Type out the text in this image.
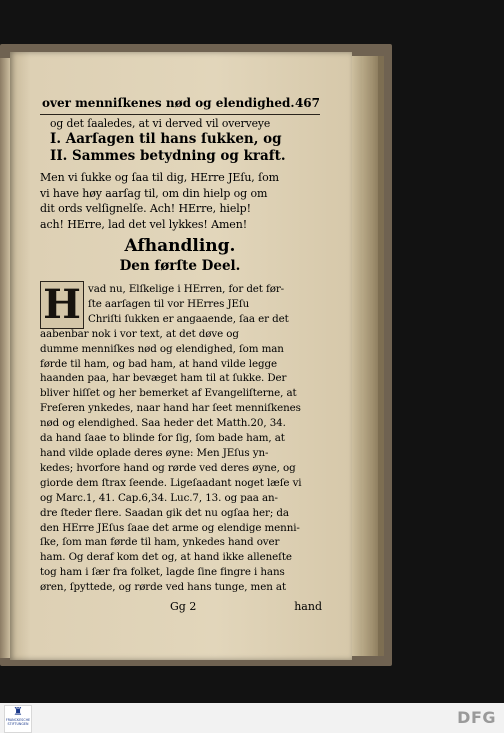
over menniſkenes nød og elendighed. 467
og det ſaaledes, at vi derved vil overveye
I. Aarſagen til hans ſukken, og
II. Sammes betydning og kraft.
Men vi ſukke og ſaa til dig, HErre JEſu, ſom
vi have høy aarſag til, om din hielp og om
dit ords velſignelſe. Ach! HErre, hielp!
ach! HErre, lad det vel lykkes! Amen!
Afhandling.
Den førſte Deel.
H vad nu, Elſkelige i HErren, for det før-
ſte aarſagen til vor HErres JEſu
Chriſti ſukken er angaaende, ſaa er det
aabenbar nok i vor text, at det døve og
dumme menniſkes nød og elendighed, ſom man
førde til ham, og bad ham, at hand vilde legge
haanden paa, har bevæget ham til at ſukke. Der
bliver hiſſet og her bemerket af Evangeliſterne, at
Freſeren ynkedes, naar hand har ſeet menniſkenes
nød og elendighed. Saa heder det Matth.20, 34.
da hand ſaae to blinde for ſig, ſom bade ham, at
hand vilde oplade deres øyne: Men JEſus yn-
kedes; hvorfore hand og rørde ved deres øyne, og
giorde dem ſtrax ſeende. Ligeſaadant noget læſe vi
og Marc.1, 41. Cap.6,34. Luc.7, 13. og paa an-
dre ſteder flere. Saadan gik det nu ogſaa her; da
den HErre JEſus ſaae det arme og elendige menni-
ſke, ſom man førde til ham, ynkedes hand over
ham. Og deraf kom det og, at hand ikke alleneſte
tog ham i ſær fra folket, lagde ſine fingre i hans
øren, ſpyttede, og rørde ved hans tunge, men at
Gg 2	hand
♜
FRANCKESCHE
STIFTUNGEN	DFG
